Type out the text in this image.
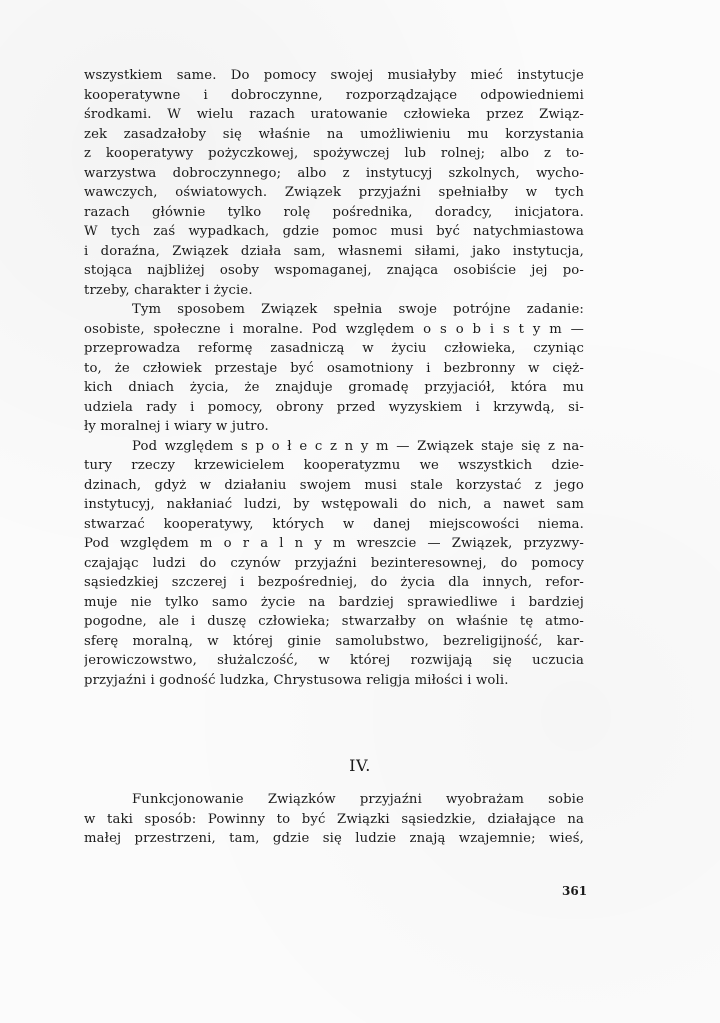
wszystkiem same. Do pomocy swojej musiałyby mieć instytucje
kooperatywne i dobroczynne, rozporządzające odpowiedniemi
środkami. W wielu razach uratowanie człowieka przez Związ-
zek zasadzałoby się właśnie na umożliwieniu mu korzystania
z kooperatywy pożyczkowej, spożywczej lub rolnej; albo z to-
warzystwa dobroczynnego; albo z instytucyj szkolnych, wycho-
wawczych, oświatowych. Związek przyjaźni spełniałby w tych
razach głównie tylko rolę pośrednika, doradcy, inicjatora.
W tych zaś wypadkach, gdzie pomoc musi być natychmiastowa
i doraźna, Związek działa sam, własnemi siłami, jako instytucja,
stojąca najbliżej osoby wspomaganej, znająca osobiście jej po-
trzeby, charakter i życie.
Tym sposobem Związek spełnia swoje potrójne zadanie:
osobiste, społeczne i moralne. Pod względem o s o b i s t y m —
przeprowadza reformę zasadniczą w życiu człowieka, czyniąc
to, że człowiek przestaje być osamotniony i bezbronny w cięż-
kich dniach życia, że znajduje gromadę przyjaciół, która mu
udziela rady i pomocy, obrony przed wyzyskiem i krzywdą, si-
ły moralnej i wiary w jutro.
Pod względem s p o ł e c z n y m — Związek staje się z na-
tury rzeczy krzewicielem kooperatyzmu we wszystkich dzie-
dzinach, gdyż w działaniu swojem musi stale korzystać z jego
instytucyj, nakłaniać ludzi, by wstępowali do nich, a nawet sam
stwarzać kooperatywy, których w danej miejscowości niema.
Pod względem m o r a l n y m wreszcie — Związek, przyzwy-
czajając ludzi do czynów przyjaźni bezinteresownej, do pomocy
sąsiedzkiej szczerej i bezpośredniej, do życia dla innych, refor-
muje nie tylko samo życie na bardziej sprawiedliwe i bardziej
pogodne, ale i duszę człowieka; stwarzałby on właśnie tę atmo-
sferę moralną, w której ginie samolubstwo, bezreligijność, kar-
jerowiczowstwo, służalczość, w której rozwijają się uczucia
przyjaźni i godność ludzka, Chrystusowa religja miłości i woli.
IV.
Funkcjonowanie Związków przyjaźni wyobrażam sobie
w taki sposób: Powinny to być Związki sąsiedzkie, działające na
małej przestrzeni, tam, gdzie się ludzie znają wzajemnie; wieś,
361
